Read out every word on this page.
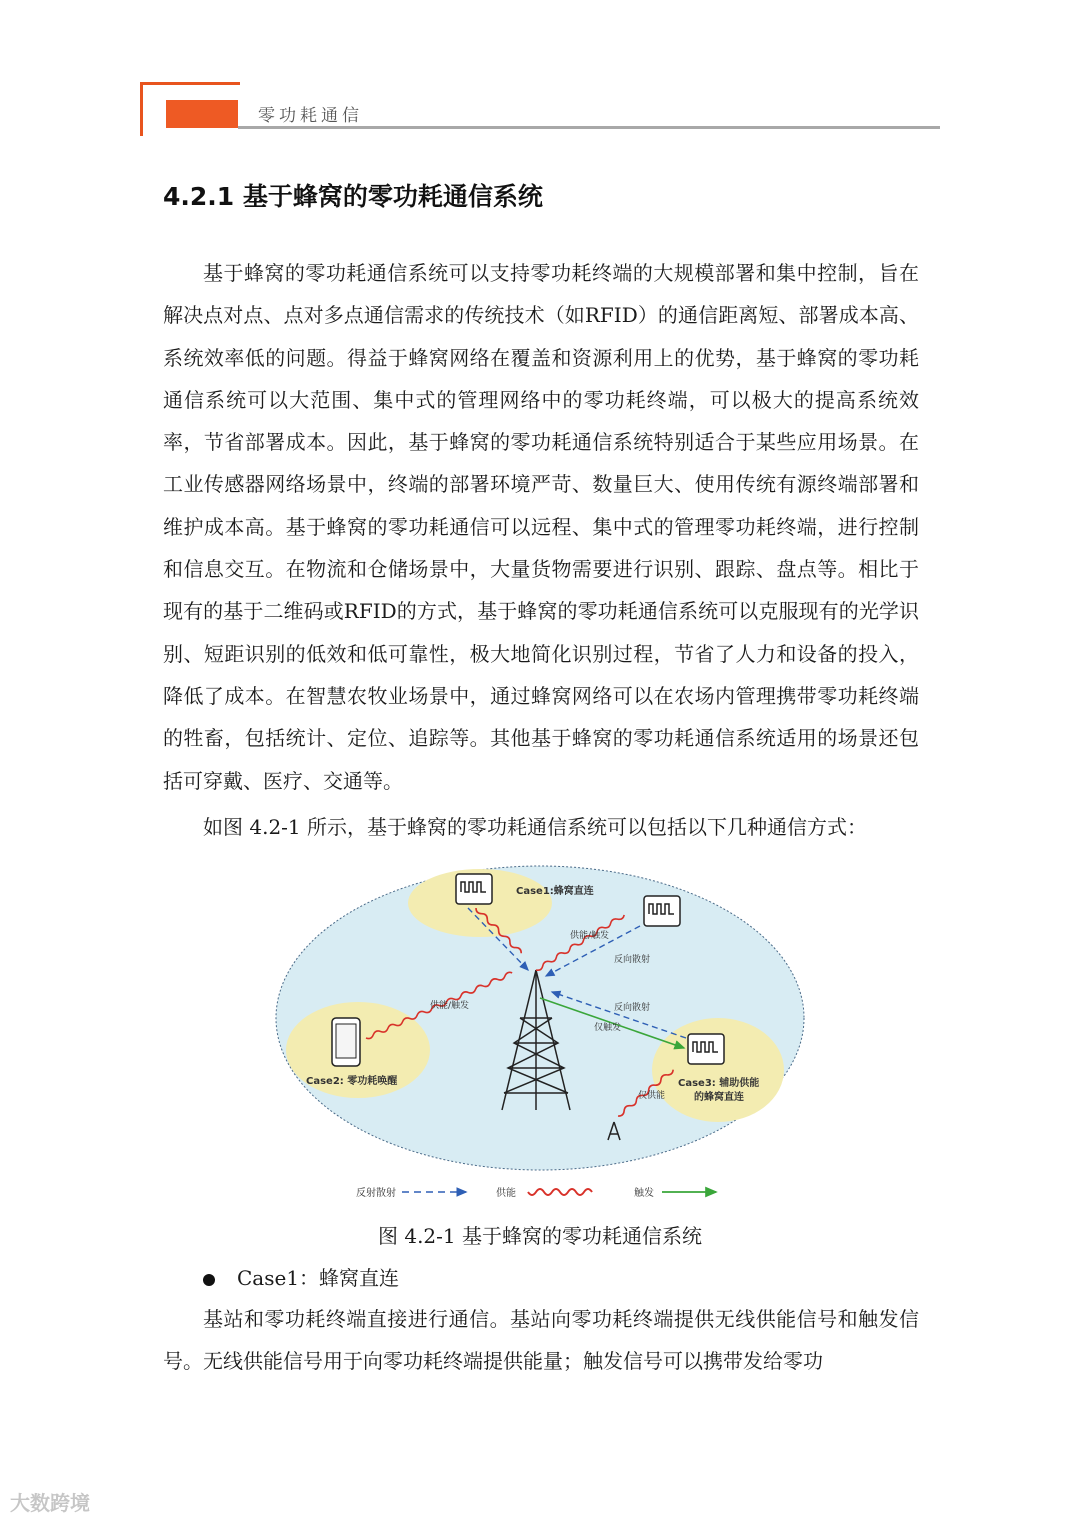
零功耗通信
4.2.1 基于蜂窝的零功耗通信系统

基于蜂窝的零功耗通信系统可以支持零功耗终端的大规模部署和集中控制，旨在解决点对点、点对多点通信需求的传统技术（如RFID）的通信距离短、部署成本高、系统效率低的问题。得益于蜂窝网络在覆盖和资源利用上的优势，基于蜂窝的零功耗通信系统可以大范围、集中式的管理网络中的零功耗终端，可以极大的提高系统效率，节省部署成本。因此，基于蜂窝的零功耗通信系统特别适合于某些应用场景。在工业传感器网络场景中，终端的部署环境严苛、数量巨大、使用传统有源终端部署和维护成本高。基于蜂窝的零功耗通信可以远程、集中式的管理零功耗终端，进行控制和信息交互。在物流和仓储场景中，大量货物需要进行识别、跟踪、盘点等。相比于现有的基于二维码或RFID的方式，基于蜂窝的零功耗通信系统可以克服现有的光学识别、短距识别的低效和低可靠性，极大地简化识别过程，节省了人力和设备的投入，降低了成本。在智慧农牧业场景中，通过蜂窝网络可以在农场内管理携带零功耗终端的牲畜，包括统计、定位、追踪等。其他基于蜂窝的零功耗通信系统适用的场景还包括可穿戴、医疗、交通等。

如图 4.2-1 所示，基于蜂窝的零功耗通信系统可以包括以下几种通信方式：

Case1:蜂窝直连
供能/触发
反向散射
供能/触发	反向散射
仅触发
仅供能
Case2: 零功耗唤醒	Case3: 辅助供能
的蜂窝直连
反射散射	供能	触发
图 4.2-1 基于蜂窝的零功耗通信系统
Case1：蜂窝直连

基站和零功耗终端直接进行通信。基站向零功耗终端提供无线供能信号和触发信号。无线供能信号用于向零功耗终端提供能量；触发信号可以携带发给零功

大数跨境
